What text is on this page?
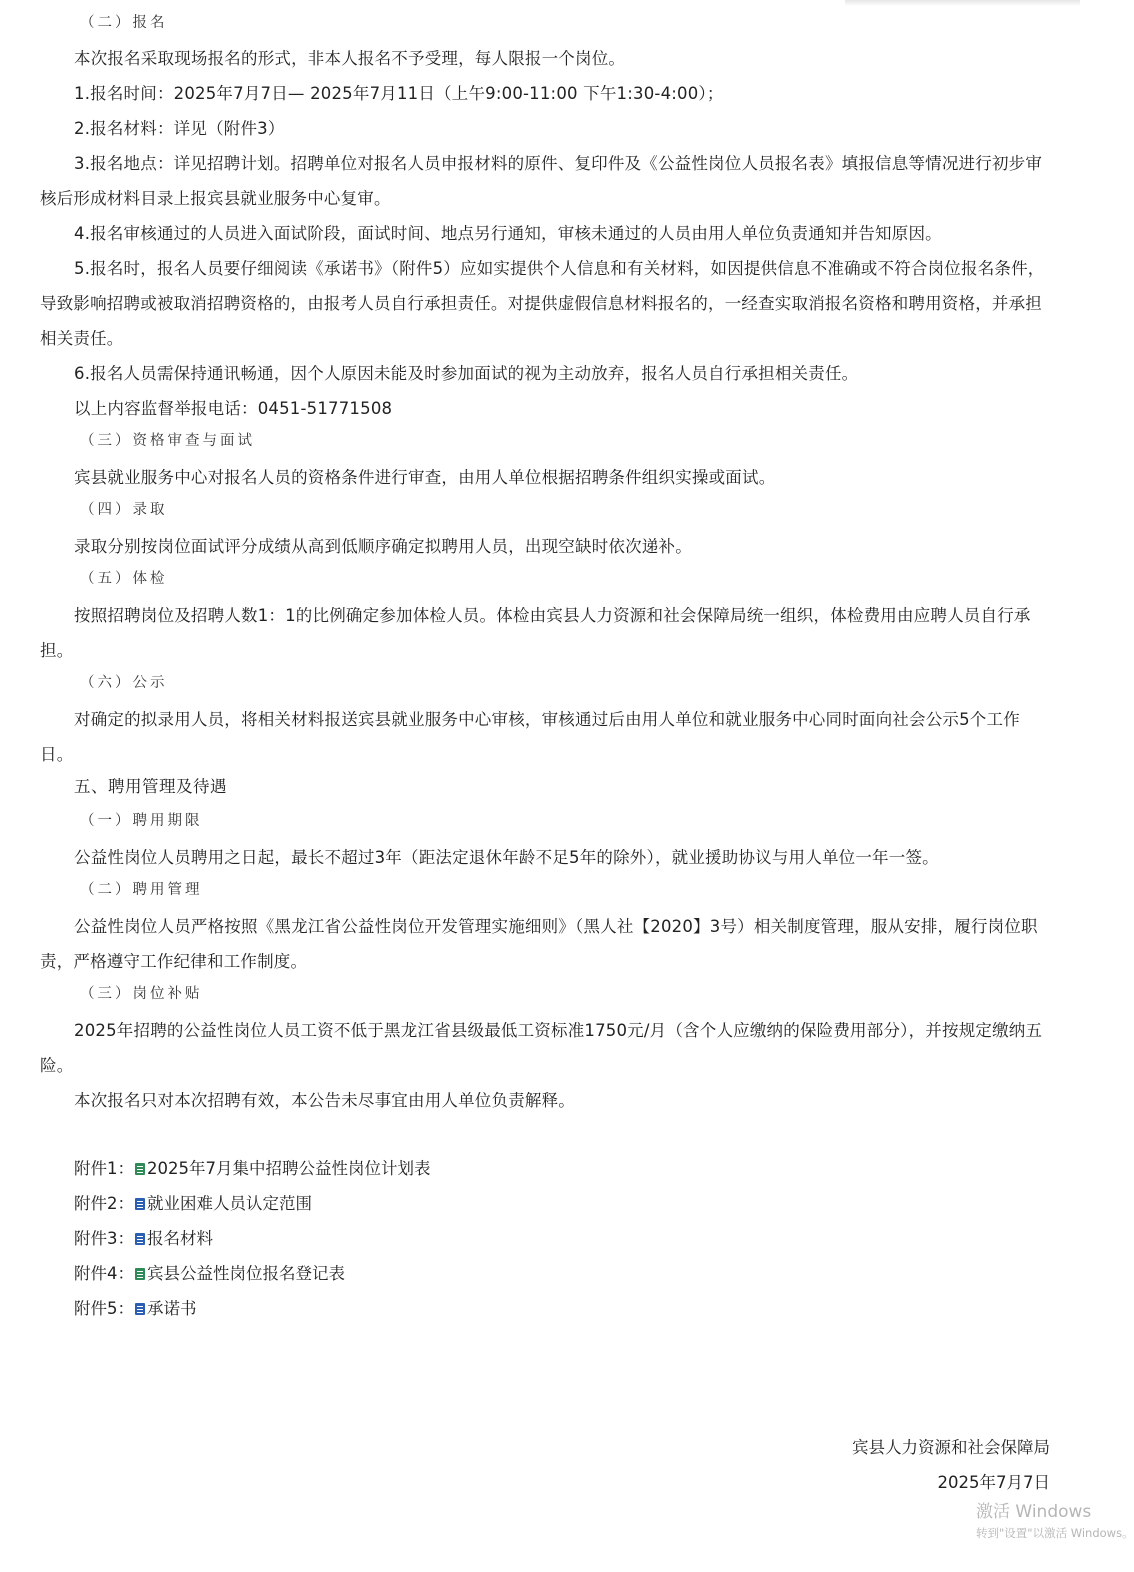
（二）报名
本次报名采取现场报名的形式，非本人报名不予受理，每人限报一个岗位。
1.报名时间：2025年7月7日— 2025年7月11日（上午9:00-11:00 下午1:30-4:00）；
2.报名材料：详见（附件3）
3.报名地点：详见招聘计划。招聘单位对报名人员申报材料的原件、复印件及《公益性岗位人员报名表》填报信息等情况进行初步审核后形成材料目录上报宾县就业服务中心复审。
4.报名审核通过的人员进入面试阶段，面试时间、地点另行通知，审核未通过的人员由用人单位负责通知并告知原因。
5.报名时，报名人员要仔细阅读《承诺书》（附件5）应如实提供个人信息和有关材料，如因提供信息不准确或不符合岗位报名条件，导致影响招聘或被取消招聘资格的，由报考人员自行承担责任。对提供虚假信息材料报名的，一经查实取消报名资格和聘用资格，并承担相关责任。
6.报名人员需保持通讯畅通，因个人原因未能及时参加面试的视为主动放弃，报名人员自行承担相关责任。
以上内容监督举报电话：0451-51771508
（三）资格审查与面试
宾县就业服务中心对报名人员的资格条件进行审查，由用人单位根据招聘条件组织实操或面试。
（四）录取
录取分别按岗位面试评分成绩从高到低顺序确定拟聘用人员，出现空缺时依次递补。
（五）体检
按照招聘岗位及招聘人数1：1的比例确定参加体检人员。体检由宾县人力资源和社会保障局统一组织，体检费用由应聘人员自行承担。
（六）公示
对确定的拟录用人员，将相关材料报送宾县就业服务中心审核，审核通过后由用人单位和就业服务中心同时面向社会公示5个工作日。
五、聘用管理及待遇
（一）聘用期限
公益性岗位人员聘用之日起，最长不超过3年（距法定退休年龄不足5年的除外），就业援助协议与用人单位一年一签。
（二）聘用管理
公益性岗位人员严格按照《黑龙江省公益性岗位开发管理实施细则》（黑人社【2020】3号）相关制度管理，服从安排，履行岗位职责，严格遵守工作纪律和工作制度。
（三）岗位补贴
2025年招聘的公益性岗位人员工资不低于黑龙江省县级最低工资标准1750元/月（含个人应缴纳的保险费用部分），并按规定缴纳五险。
本次报名只对本次招聘有效，本公告未尽事宜由用人单位负责解释。
附件1： 2025年7月集中招聘公益性岗位计划表
附件2： 就业困难人员认定范围
附件3： 报名材料
附件4： 宾县公益性岗位报名登记表
附件5： 承诺书
宾县人力资源和社会保障局
2025年7月7日
激活 Windows
转到"设置"以激活 Windows。
